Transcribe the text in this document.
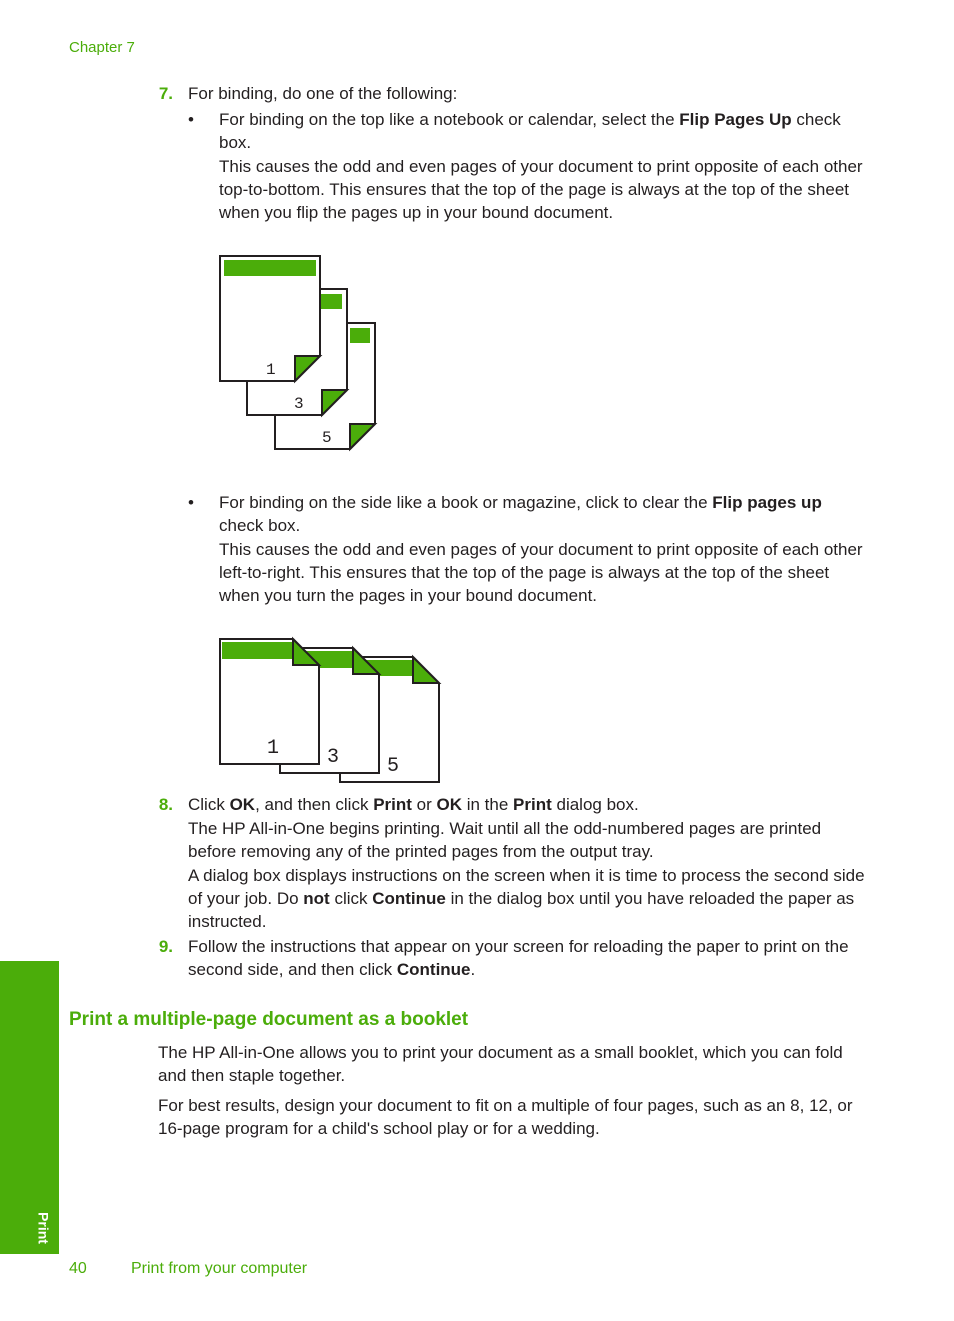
Chapter 7
7. For binding, do one of the following:
• For binding on the top like a notebook or calendar, select the Flip Pages Up check box.
This causes the odd and even pages of your document to print opposite of each other top-to-bottom. This ensures that the top of the page is always at the top of the sheet when you flip the pages up in your bound document.
5
3
1
• For binding on the side like a book or magazine, click to clear the Flip pages up check box.
This causes the odd and even pages of your document to print opposite of each other left-to-right. This ensures that the top of the page is always at the top of the sheet when you turn the pages in your bound document.
5
3
1
8. Click OK, and then click Print or OK in the Print dialog box.
The HP All-in-One begins printing. Wait until all the odd-numbered pages are printed before removing any of the printed pages from the output tray.
A dialog box displays instructions on the screen when it is time to process the second side of your job. Do not click Continue in the dialog box until you have reloaded the paper as instructed.
9. Follow the instructions that appear on your screen for reloading the paper to print on the second side, and then click Continue.
Print a multiple-page document as a booklet
The HP All-in-One allows you to print your document as a small booklet, which you can fold and then staple together.
For best results, design your document to fit on a multiple of four pages, such as an 8, 12, or 16-page program for a child's school play or for a wedding.
Print
40	Print from your computer
